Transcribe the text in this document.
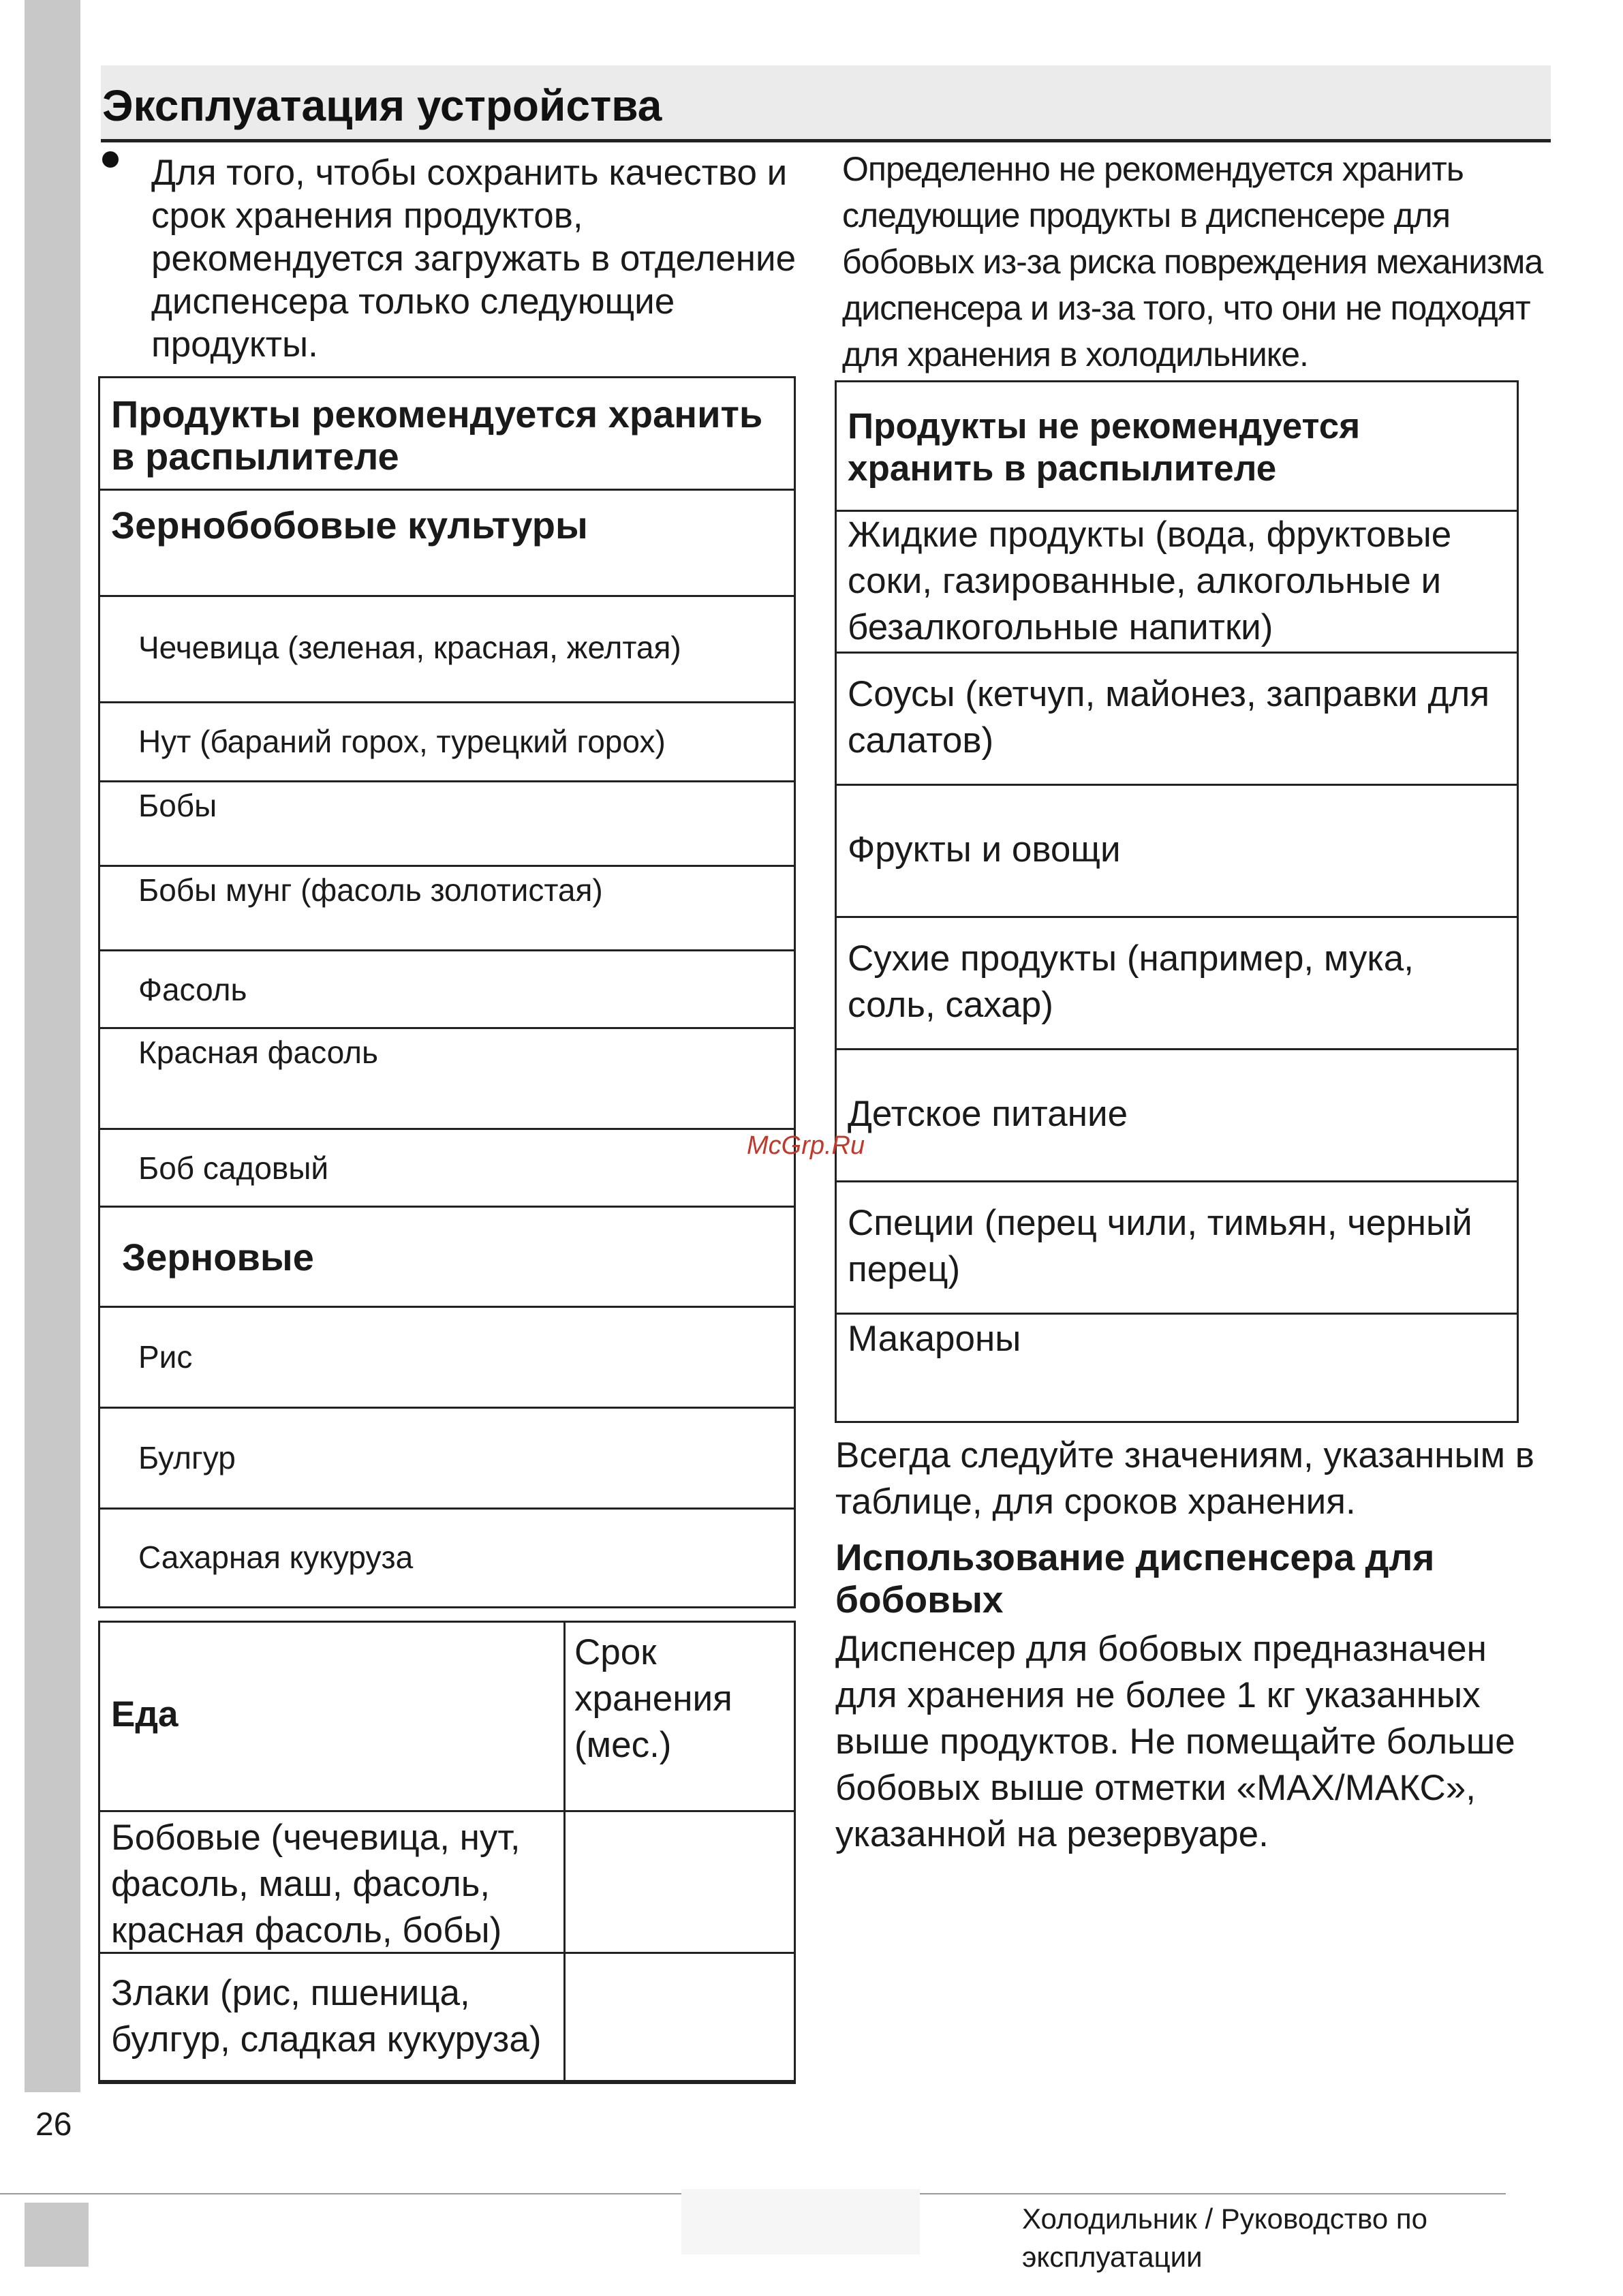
Эксплуатация устройства
Для того, чтобы сохранить качество и срок хранения продуктов, рекомендуется загружать в отделение диспенсера только следующие продукты.
Определенно не рекомендуется хранить следующие продукты в диспенсере для бобовых из-за риска повреждения механизма диспенсера и из-за того, что они не подходят для хранения в холодильнике.
Продукты рекомендуется хранить в распылителе
Зернобобовые культуры
Чечевица (зеленая, красная, желтая)
Нут (бараний горох, турецкий горох)
Бобы
Бобы мунг (фасоль золотистая)
Фасоль
Красная фасоль
Боб садовый
Зерновые
Рис
Булгур
Сахарная кукуруза
Еда
Срок хранения (мес.)
Бобовые (чечевица, нут, фасоль, маш, фасоль, красная фасоль, бобы)
Злаки (рис, пшеница, булгур, сладкая кукуруза)
Продукты не рекомендуется хранить в распылителе
Жидкие продукты (вода, фруктовые соки, газированные, алкогольные и безалкогольные напитки)
Соусы (кетчуп, майонез, заправки для салатов)
Фрукты и овощи
Сухие продукты (например, мука, соль, сахар)
Детское питание
Специи (перец чили, тимьян, черный перец)
Макароны
Всегда следуйте значениям, указанным в таблице, для сроков хранения.
Использование диспенсера для бобовых
Диспенсер для бобовых предназначен для хранения не более 1 кг указанных выше продуктов. Не помещайте больше бобовых выше отметки «MAX/МАКС», указанной на резервуаре.
McGrp.Ru
26
Холодильник / Руководство по эксплуатации
